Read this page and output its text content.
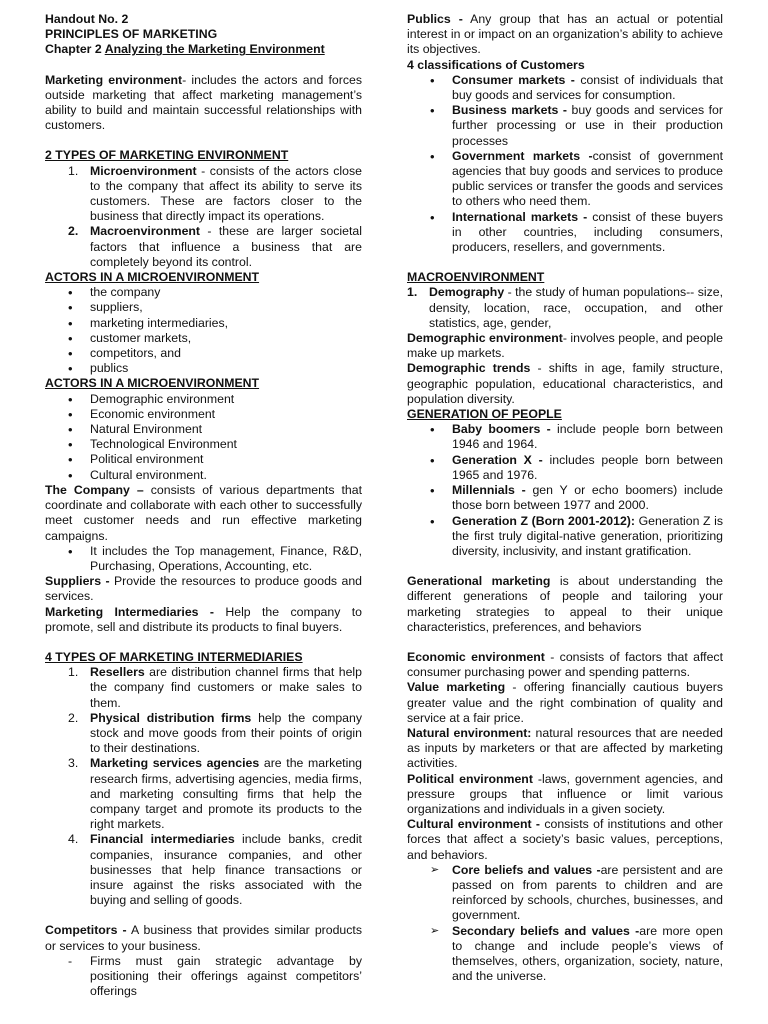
Handout No. 2

PRINCIPLES OF MARKETING

Chapter 2 Analyzing the Marketing Environment

Marketing environment- includes the actors and forces outside marketing that affect marketing management’s ability to build and maintain successful relationships with customers.

2 TYPES OF MARKETING ENVIRONMENT

1. Microenvironment - consists of the actors close to the company that affect its ability to serve its customers. These are factors closer to the business that directly impact its operations.
2. Macroenvironment - these are larger societal factors that influence a business that are completely beyond its control.

ACTORS IN A MICROENVIRONMENT

• the company
• suppliers,
• marketing intermediaries,
• customer markets,
• competitors, and
• publics

ACTORS IN A MICROENVIRONMENT

• Demographic environment
• Economic environment
• Natural Environment
• Technological Environment
• Political environment
• Cultural environment.

The Company – consists of various departments that coordinate and collaborate with each other to successfully meet customer needs and run effective marketing campaigns.

• It includes the Top management, Finance, R&D, Purchasing, Operations, Accounting, etc.

Suppliers - Provide the resources to produce goods and services.

Marketing Intermediaries - Help the company to promote, sell and distribute its products to final buyers.

4 TYPES OF MARKETING INTERMEDIARIES

1. Resellers are distribution channel firms that help the company find customers or make sales to them.
2. Physical distribution firms help the company stock and move goods from their points of origin to their destinations.
3. Marketing services agencies are the marketing research firms, advertising agencies, media firms, and marketing consulting firms that help the company target and promote its products to the right markets.
4. Financial intermediaries include banks, credit companies, insurance companies, and other businesses that help finance transactions or insure against the risks associated with the buying and selling of goods.

Competitors - A business that provides similar products or services to your business.

- Firms must gain strategic advantage by positioning their offerings against competitors’ offerings

Publics - Any group that has an actual or potential interest in or impact on an organization’s ability to achieve its objectives.

4 classifications of Customers

• Consumer markets - consist of individuals that buy goods and services for consumption.
• Business markets - buy goods and services for further processing or use in their production processes
• Government markets -consist of government agencies that buy goods and services to produce public services or transfer the goods and services to others who need them.
• International markets - consist of these buyers in other countries, including consumers, producers, resellers, and governments.

MACROENVIRONMENT

1. Demography - the study of human populations-- size, density, location, race, occupation, and other statistics, age, gender,

Demographic environment- involves people, and people make up markets.

Demographic trends - shifts in age, family structure, geographic population, educational characteristics, and population diversity.

GENERATION OF PEOPLE

• Baby boomers - include people born between 1946 and 1964.
• Generation X - includes people born between 1965 and 1976.
• Millennials - gen Y or echo boomers) include those born between 1977 and 2000.
• Generation Z (Born 2001-2012): Generation Z is the first truly digital-native generation, prioritizing diversity, inclusivity, and instant gratification.

Generational marketing is about understanding the different generations of people and tailoring your marketing strategies to appeal to their unique characteristics, preferences, and behaviors

Economic environment - consists of factors that affect consumer purchasing power and spending patterns.

Value marketing - offering financially cautious buyers greater value and the right combination of quality and service at a fair price.

Natural environment: natural resources that are needed as inputs by marketers or that are affected by marketing activities.

Political environment -laws, government agencies, and pressure groups that influence or limit various organizations and individuals in a given society.

Cultural environment - consists of institutions and other forces that affect a society’s basic values, perceptions, and behaviors.

➢ Core beliefs and values -are persistent and are passed on from parents to children and are reinforced by schools, churches, businesses, and government.
➢ Secondary beliefs and values -are more open to change and include people’s views of themselves, others, organization, society, nature, and the universe.
